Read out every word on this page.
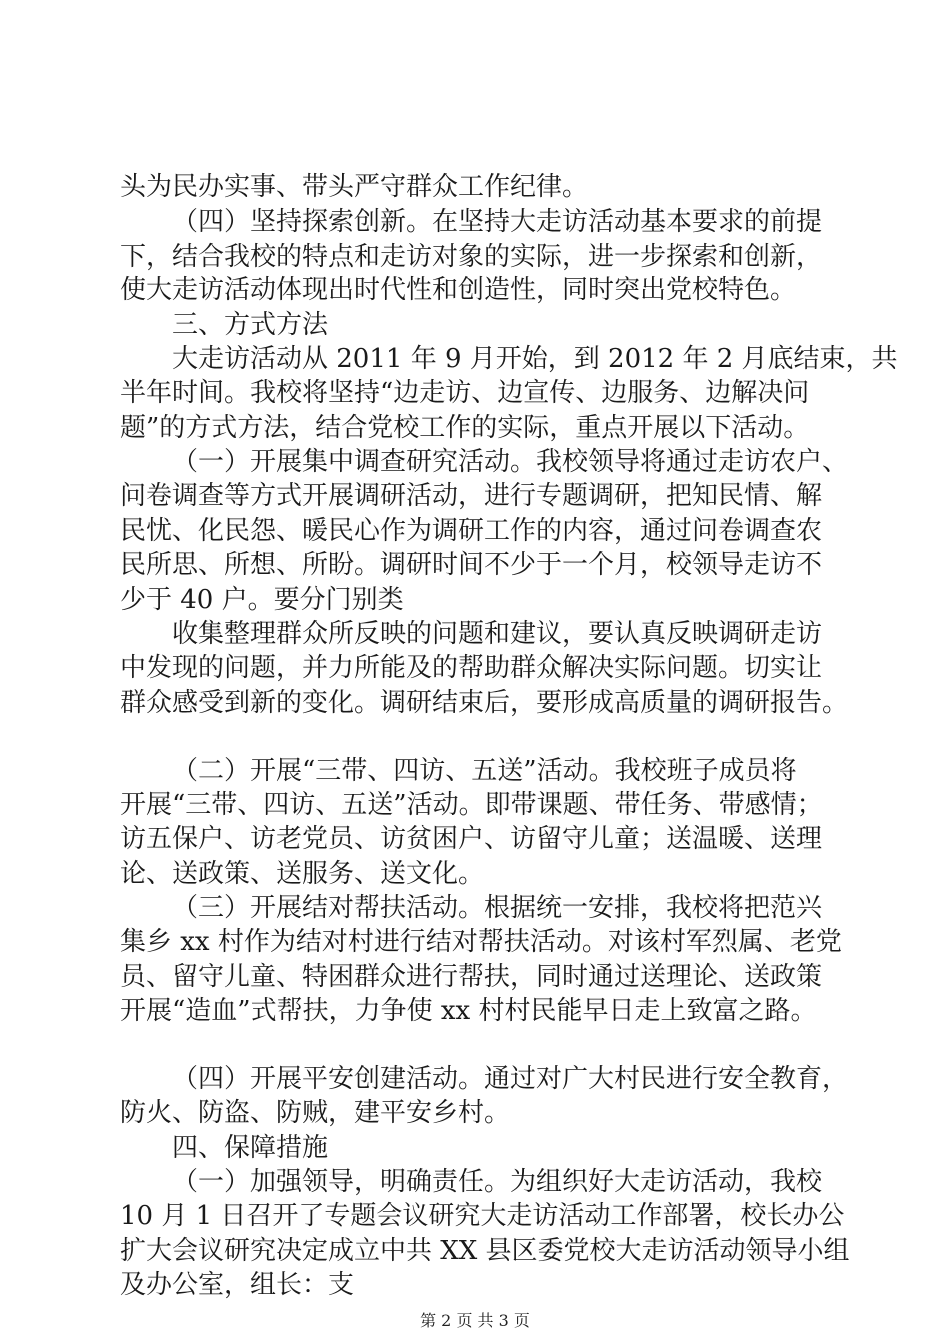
头为民办实事、带头严守群众工作纪律。
（四）坚持探索创新。在坚持大走访活动基本要求的前提
下，结合我校的特点和走访对象的实际，进一步探索和创新，
使大走访活动体现出时代性和创造性，同时突出党校特色。
三、方式方法
大走访活动从 2011 年 9 月开始，到 2012 年 2 月底结束，共
半年时间。我校将坚持“边走访、边宣传、边服务、边解决问
题”的方式方法，结合党校工作的实际，重点开展以下活动。
（一）开展集中调查研究活动。我校领导将通过走访农户、
问卷调查等方式开展调研活动，进行专题调研，把知民情、解
民忧、化民怨、暖民心作为调研工作的内容，通过问卷调查农
民所思、所想、所盼。调研时间不少于一个月，校领导走访不
少于 40 户。要分门别类
收集整理群众所反映的问题和建议，要认真反映调研走访
中发现的问题，并力所能及的帮助群众解决实际问题。切实让
群众感受到新的变化。调研结束后，要形成高质量的调研报告。
（二）开展“三带、四访、五送”活动。我校班子成员将
开展“三带、四访、五送”活动。即带课题、带任务、带感情；
访五保户、访老党员、访贫困户、访留守儿童；送温暖、送理
论、送政策、送服务、送文化。
（三）开展结对帮扶活动。根据统一安排，我校将把范兴
集乡 xx 村作为结对村进行结对帮扶活动。对该村军烈属、老党
员、留守儿童、特困群众进行帮扶，同时通过送理论、送政策
开展“造血”式帮扶，力争使 xx 村村民能早日走上致富之路。
（四）开展平安创建活动。通过对广大村民进行安全教育，
防火、防盗、防贼，建平安乡村。
四、保障措施
（一）加强领导，明确责任。为组织好大走访活动，我校
10 月 1 日召开了专题会议研究大走访活动工作部署，校长办公
扩大会议研究决定成立中共 XX 县区委党校大走访活动领导小组
及办公室，组长：支
第 2 页 共 3 页
